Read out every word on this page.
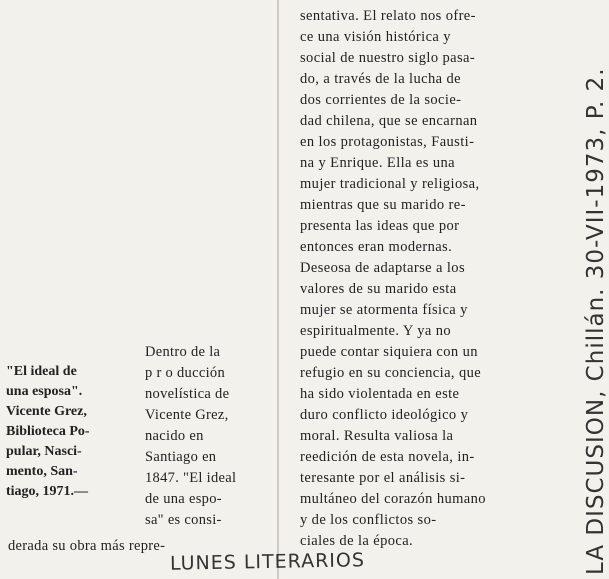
sentativa. El relato nos ofre-
ce una visión histórica y
social de nuestro siglo pasa-
do, a través de la lucha de
dos corrientes de la socie-
dad chilena, que se encarnan
en los protagonistas, Fausti-
na y Enrique. Ella es una
mujer tradicional y religiosa,
mientras que su marido re-
presenta las ideas que por
entonces eran modernas.
Deseosa de adaptarse a los
valores de su marido esta
mujer se atormenta física y
espiritualmente. Y ya no
puede contar siquiera con un
refugio en su conciencia, que
ha sido violentada en este
duro conflicto ideológico y
moral. Resulta valiosa la
reedición de esta novela, in-
teresante por el análisis si-
multáneo del corazón humano
y de los conflictos so-
ciales de la época.
"El ideal de
una esposa".
Vicente Grez,
Biblioteca Po-
pular, Nasci-
mento, San-
tiago, 1971.—
Dentro de la
p r o ducción
novelística de
Vicente Grez,
nacido en
Santiago en
1847. "El ideal
de una espo-
sa" es consi-
derada su obra más repre-
LUNES LITERARIOS	LA DISCUSION, Chillán. 30-VII-1973, P. 2.
